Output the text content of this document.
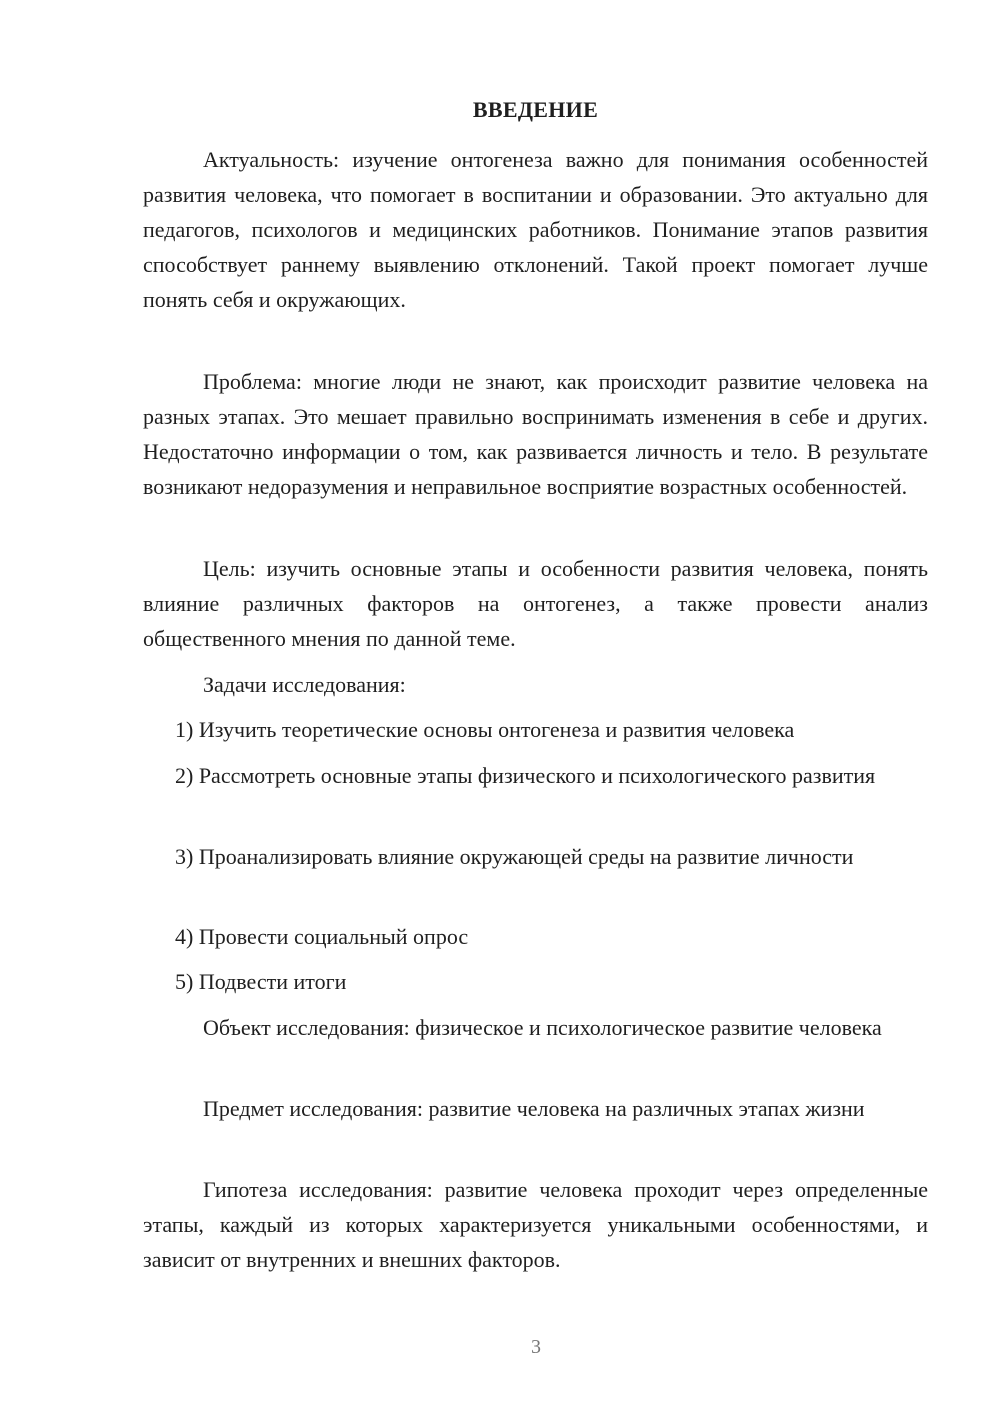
ВВЕДЕНИЕ

Актуальность: изучение онтогенеза важно для понимания особенностей развития человека, что помогает в воспитании и образовании. Это актуально для педагогов, психологов и медицинских работников. Понимание этапов развития способствует раннему выявлению отклонений. Такой проект помогает лучше понять себя и окружающих.

Проблема: многие люди не знают, как происходит развитие человека на разных этапах. Это мешает правильно воспринимать изменения в себе и других. Недостаточно информации о том, как развивается личность и тело. В результате возникают недоразумения и неправильное восприятие возрастных особенностей.

Цель: изучить основные этапы и особенности развития человека, понять влияние различных факторов на онтогенез, а также провести анализ общественного мнения по данной теме.

Задачи исследования:

1) Изучить теоретические основы онтогенеза и развития человека

2) Рассмотреть основные этапы физического и психологического развития

3) Проанализировать влияние окружающей среды на развитие личности

4) Провести социальный опрос

5) Подвести итоги

Объект исследования: физическое и психологическое развитие человека

Предмет исследования: развитие человека на различных этапах жизни

Гипотеза исследования: развитие человека проходит через определенные этапы, каждый из которых характеризуется уникальными особенностями, и зависит от внутренних и внешних факторов.

3
